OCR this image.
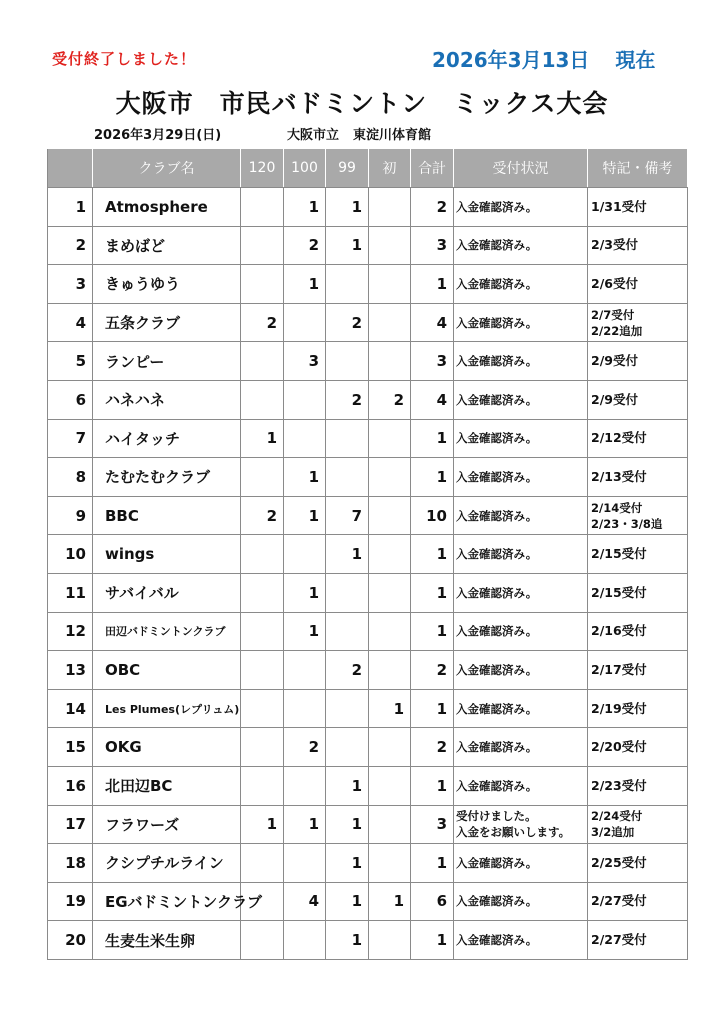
受付終了しました！	2026年3月13日 現在
大阪市 市民バドミントン ミックス大会
2026年3月29日(日)	大阪市立 東淀川体育館
	クラブ名	120	100	99	初	合計	受付状況	特記・備考
1	Atmosphere		1	1		2	入金確認済み。	1/31受付

2	まめばど		2	1		3	入金確認済み。	2/3受付

3	きゅうゆう		1			1	入金確認済み。	2/6受付

4	五条クラブ	2		2		4	入金確認済み。	2/7受付
2/22追加

5	ランピー		3			3	入金確認済み。	2/9受付

6	ハネハネ			2	2	4	入金確認済み。	2/9受付

7	ハイタッチ	1				1	入金確認済み。	2/12受付

8	たむたむクラブ		1			1	入金確認済み。	2/13受付

9	BBC	2	1	7		10	入金確認済み。	2/14受付
2/23・3/8追

10	wings			1		1	入金確認済み。	2/15受付

11	サバイバル		1			1	入金確認済み。	2/15受付

12	田辺バドミントンクラブ		1			1	入金確認済み。	2/16受付

13	OBC			2		2	入金確認済み。	2/17受付

14	Les Plumes(レプリュム)				1	1	入金確認済み。	2/19受付

15	OKG		2			2	入金確認済み。	2/20受付

16	北田辺BC			1		1	入金確認済み。	2/23受付

17	フラワーズ	1	1	1		3	受付けました。
入金をお願いします。	2/24受付
3/2追加

18	クシプチルライン			1		1	入金確認済み。	2/25受付

19	EGバドミントンクラブ		4	1	1	6	入金確認済み。	2/27受付

20	生麦生米生卵			1		1	入金確認済み。	2/27受付
